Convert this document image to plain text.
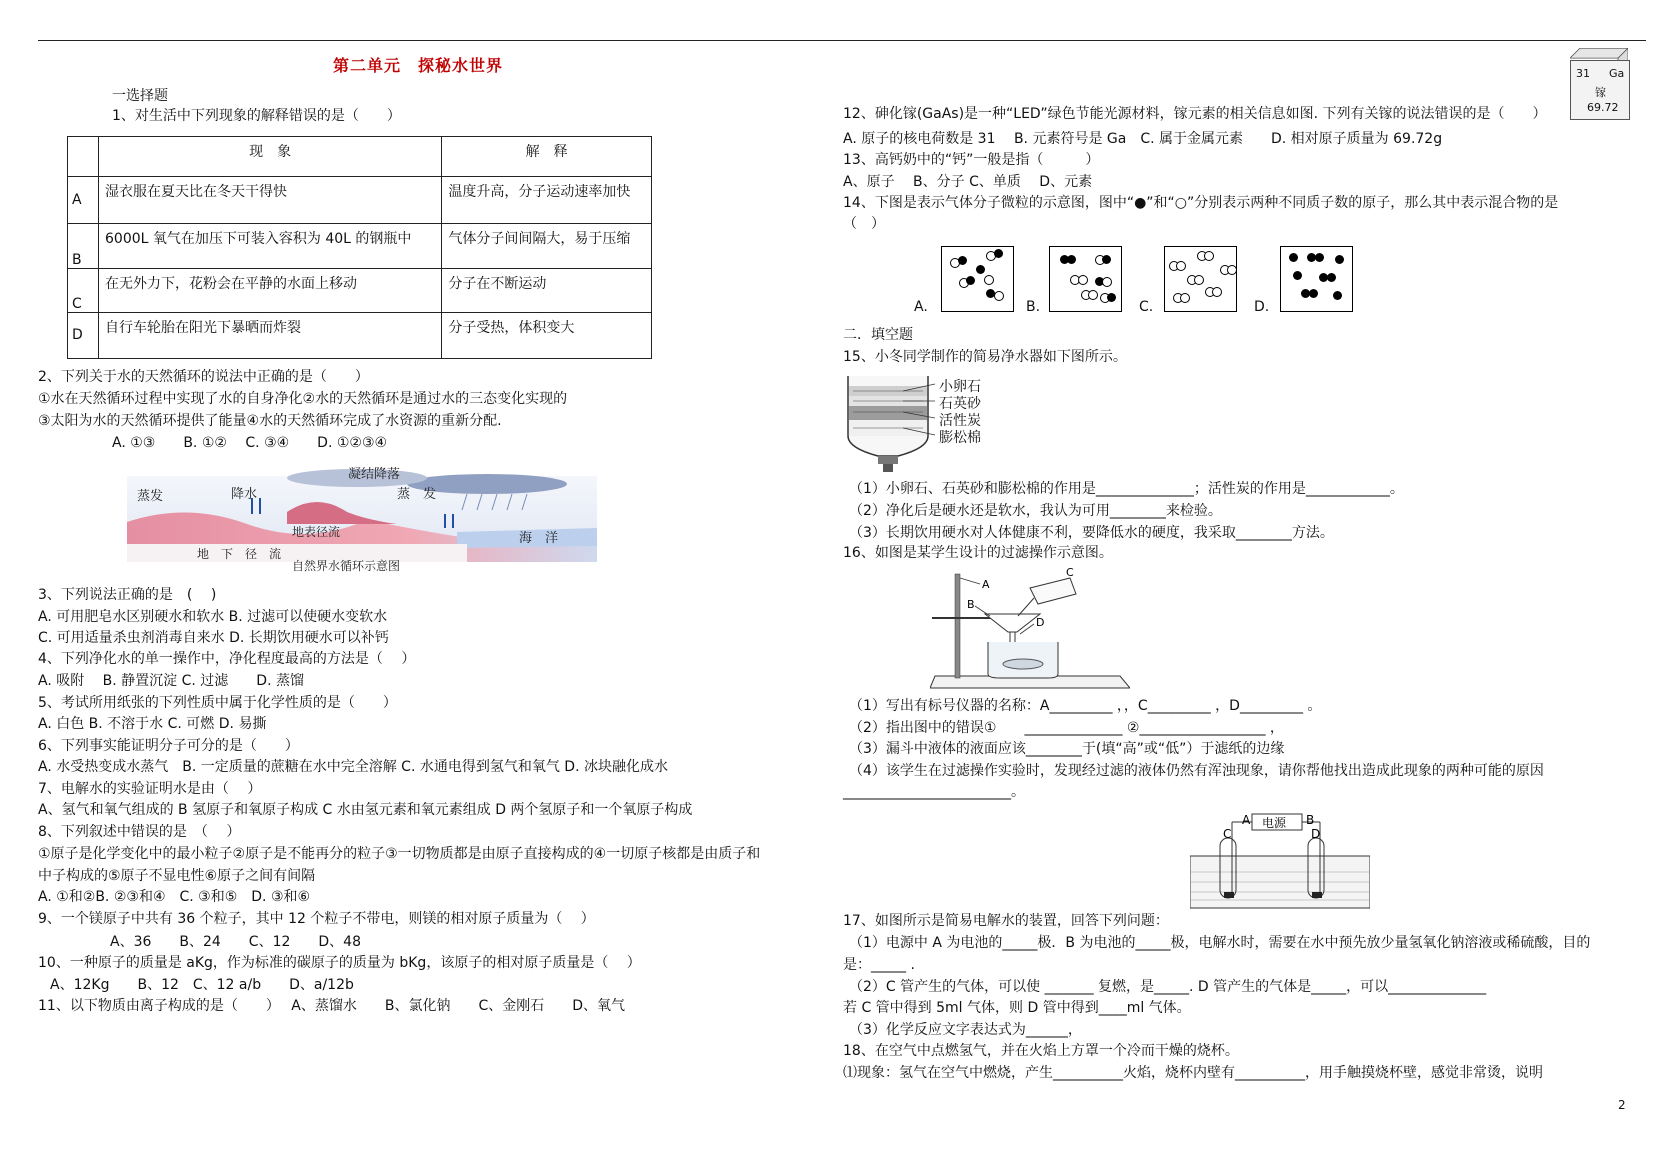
第二单元　探秘水世界
一选择题
1、对生活中下列现象的解释错误的是（　　）
	现　象	解　释
A	湿衣服在夏天比在冬天干得快	温度升高，分子运动速率加快
B	6000L 氧气在加压下可装入容积为 40L 的钢瓶中	气体分子间间隔大，易于压缩
C	在无外力下，花粉会在平静的水面上移动	分子在不断运动
D	自行车轮胎在阳光下暴晒而炸裂	分子受热，体积变大
2、下列关于水的天然循环的说法中正确的是（　　）
①水在天然循环过程中实现了水的自身净化②水的天然循环是通过水的三态变化实现的
③太阳为水的天然循环提供了能量④水的天然循环完成了水资源的重新分配.
A. ①③　　B. ①②　 C. ③④　　D. ①②③④
凝结降落
蒸发	降水	蒸　发
地表径流	海　洋
地　下　径　流
自然界水循环示意图
3、下列说法正确的是　(　 )
A. 可用肥皂水区别硬水和软水 B. 过滤可以使硬水变软水
C. 可用适量杀虫剂消毒自来水 D. 长期饮用硬水可以补钙
4、下列净化水的单一操作中，净化程度最高的方法是（　 ）
A. 吸附　 B. 静置沉淀 C. 过滤　　D. 蒸馏
5、考试所用纸张的下列性质中属于化学性质的是（　　）
A. 白色 B. 不溶于水 C. 可燃 D. 易撕
6、下列事实能证明分子可分的是（　　）
A. 水受热变成水蒸气　B. 一定质量的蔗糖在水中完全溶解 C. 水通电得到氢气和氧气 D. 冰块融化成水
7、电解水的实验证明水是由（　 ）
A、氢气和氧气组成的 B 氢原子和氧原子构成 C 水由氢元素和氧元素组成 D 两个氢原子和一个氧原子构成
8、下列叙述中错误的是　（　 ）
①原子是化学变化中的最小粒子②原子是不能再分的粒子③一切物质都是由原子直接构成的④一切原子核都是由质子和
中子构成的⑤原子不显电性⑥原子之间有间隔
A. ①和②B. ②③和④　C. ③和⑤　D. ③和⑥
9、一个镁原子中共有 36 个粒子，其中 12 个粒子不带电，则镁的相对原子质量为（　 ）
A、36　　B、24　　C、12　　D、48
10、一种原子的质量是 aKg，作为标准的碳原子的质量为 bKg，该原子的相对原子质量是（　 ）
A、12Kg　　B、12　C、12 a/b　　D、a/12b
11、以下物质由离子构成的是（　　）　 A、蒸馏水　　B、氯化钠　　C、金刚石　　D、氧气
31 Ga
镓
69.72
12、砷化镓(GaAs)是一种“LED”绿色节能光源材料，镓元素的相关信息如图. 下列有关镓的说法错误的是（　　）
A. 原子的核电荷数是 31　 B. 元素符号是 Ga　C. 属于金属元素　　D. 相对原子质量为 69.72g
13、高钙奶中的“钙”一般是指（　　　）
A、原子　 B、分子 C、单质　 D、元素
14、下图是表示气体分子微粒的示意图，图中“●”和“○”分别表示两种不同质子数的原子，那么其中表示混合物的是
（　）
A.	B.	C.	D.
二．填空题
15、小冬同学制作的简易净水器如下图所示。
小卵石
石英砂
活性炭
膨松棉
（1）小卵石、石英砂和膨松棉的作用是______________；活性炭的作用是____________。
（2）净化后是硬水还是软水，我认为可用________来检验。
（3）长期饮用硬水对人体健康不利，要降低水的硬度，我采取________方法。
16、如图是某学生设计的过滤操作示意图。
A
B
C
D
（1）写出有标号仪器的名称：A_________ ，，C_________ ，D_________ 。
（2）指出图中的错误①　　______________ ②__________________ ，
（3）漏斗中液体的液面应该________于(填“高”或“低”）于滤纸的边缘
（4）该学生在过滤操作实验时，发现经过滤的液体仍然有浑浊现象，请你帮他找出造成此现象的两种可能的原因
________________________。
电源
A	B
C	D
17、如图所示是简易电解水的装置，回答下列问题：
（1）电源中 A 为电池的_____极．B 为电池的_____极，电解水时，需要在水中预先放少量氢氧化钠溶液或稀硫酸，目的
是：_____ .
（2）C 管产生的气体，可以使 _______ 复燃，是_____. D 管产生的气体是_____，可以______________
若 C 管中得到 5ml 气体，则 D 管中得到____ml 气体。
（3）化学反应文字表达式为______，
18、在空气中点燃氢气，并在火焰上方罩一个冷而干燥的烧杯。
⑴现象：氢气在空气中燃烧，产生__________火焰，烧杯内壁有__________，用手触摸烧杯壁，感觉非常烫，说明
2
